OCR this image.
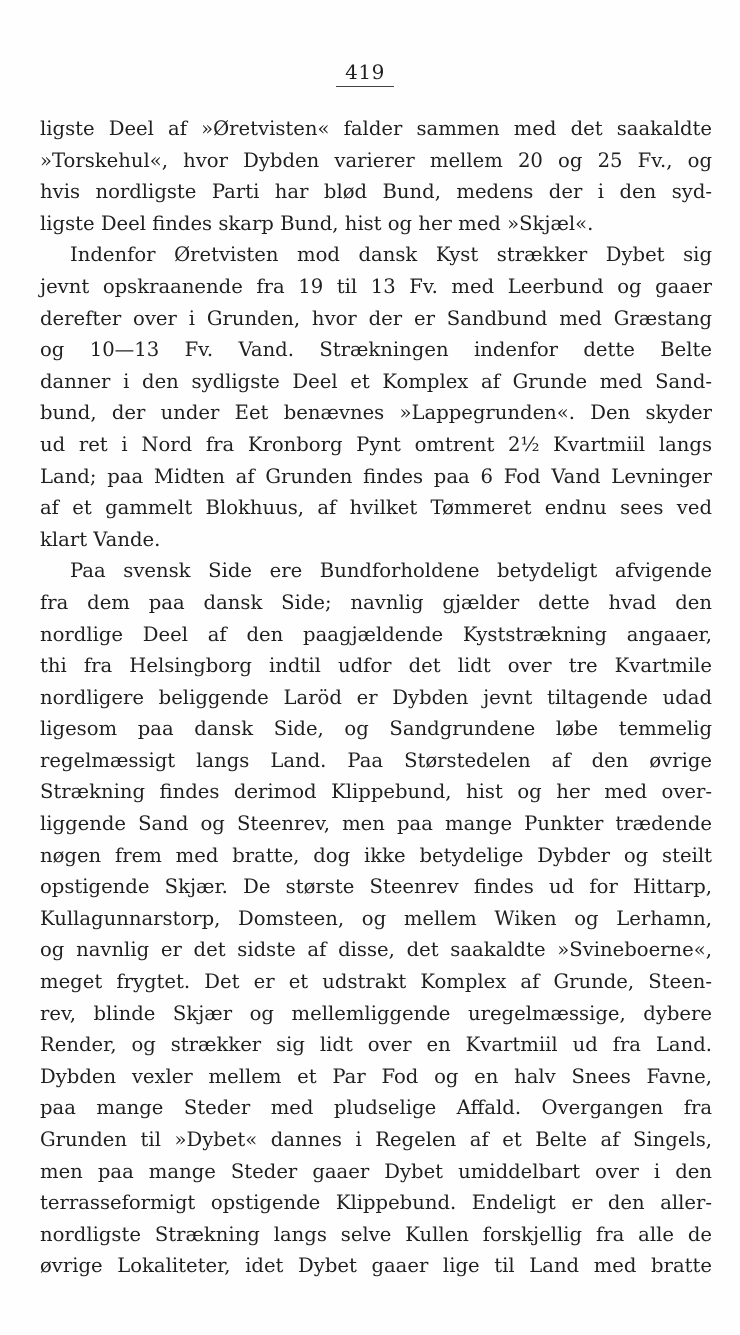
419
ligste Deel af »Øretvisten« falder sammen med det saakaldte
»Torskehul«, hvor Dybden varierer mellem 20 og 25 Fv., og
hvis nordligste Parti har blød Bund, medens der i den syd-
ligste Deel findes skarp Bund, hist og her med »Skjæl«.
Indenfor Øretvisten mod dansk Kyst strækker Dybet sig
jevnt opskraanende fra 19 til 13 Fv. med Leerbund og gaaer
derefter over i Grunden, hvor der er Sandbund med Græstang
og 10—13 Fv. Vand. Strækningen indenfor dette Belte
danner i den sydligste Deel et Komplex af Grunde med Sand-
bund, der under Eet benævnes »Lappegrunden«. Den skyder
ud ret i Nord fra Kronborg Pynt omtrent 2½ Kvartmiil langs
Land; paa Midten af Grunden findes paa 6 Fod Vand Levninger
af et gammelt Blokhuus, af hvilket Tømmeret endnu sees ved
klart Vande.
Paa svensk Side ere Bundforholdene betydeligt afvigende
fra dem paa dansk Side; navnlig gjælder dette hvad den
nordlige Deel af den paagjældende Kyststrækning angaaer,
thi fra Helsingborg indtil udfor det lidt over tre Kvartmile
nordligere beliggende Laröd er Dybden jevnt tiltagende udad
ligesom paa dansk Side, og Sandgrundene løbe temmelig
regelmæssigt langs Land. Paa Størstedelen af den øvrige
Strækning findes derimod Klippebund, hist og her med over-
liggende Sand og Steenrev, men paa mange Punkter trædende
nøgen frem med bratte, dog ikke betydelige Dybder og steilt
opstigende Skjær. De største Steenrev findes ud for Hittarp,
Kullagunnarstorp, Domsteen, og mellem Wiken og Lerhamn,
og navnlig er det sidste af disse, det saakaldte »Svineboerne«,
meget frygtet. Det er et udstrakt Komplex af Grunde, Steen-
rev, blinde Skjær og mellemliggende uregelmæssige, dybere
Render, og strækker sig lidt over en Kvartmiil ud fra Land.
Dybden vexler mellem et Par Fod og en halv Snees Favne,
paa mange Steder med pludselige Affald. Overgangen fra
Grunden til »Dybet« dannes i Regelen af et Belte af Singels,
men paa mange Steder gaaer Dybet umiddelbart over i den
terrasseformigt opstigende Klippebund. Endeligt er den aller-
nordligste Strækning langs selve Kullen forskjellig fra alle de
øvrige Lokaliteter, idet Dybet gaaer lige til Land med bratte
